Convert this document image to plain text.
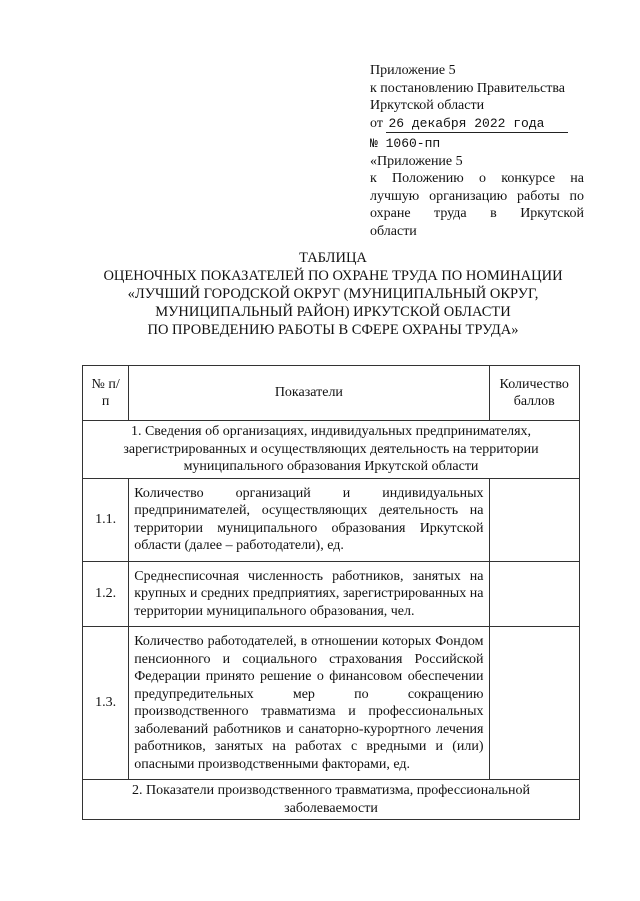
Приложение 5
к постановлению Правительства
Иркутской области
от 26 декабря 2022 года
№ 1060-пп
«Приложение 5
к Положению о конкурсе на
лучшую организацию работы по
охране труда в Иркутской
области
ТАБЛИЦА
ОЦЕНОЧНЫХ ПОКАЗАТЕЛЕЙ ПО ОХРАНЕ ТРУДА ПО НОМИНАЦИИ
«ЛУЧШИЙ ГОРОДСКОЙ ОКРУГ (МУНИЦИПАЛЬНЫЙ ОКРУГ,
МУНИЦИПАЛЬНЫЙ РАЙОН) ИРКУТСКОЙ ОБЛАСТИ
ПО ПРОВЕДЕНИЮ РАБОТЫ В СФЕРЕ ОХРАНЫ ТРУДА»
№ п/п	Показатели	Количество баллов
1. Сведения об организациях, индивидуальных предпринимателях, зарегистрированных и осуществляющих деятельность на территории муниципального образования Иркутской области		
1.1.	Количество организаций и индивидуальных предпринимателей, осуществляющих деятельность на территории муниципального образования Иркутской области (далее – работодатели), ед.	
1.2.	Среднесписочная численность работников, занятых на крупных и средних предприятиях, зарегистрированных на территории муниципального образования, чел.	
1.3.	Количество работодателей, в отношении которых Фондом пенсионного и социального страхования Российской Федерации принято решение о финансовом обеспечении предупредительных мер по сокращению производственного травматизма и профессиональных заболеваний работников и санаторно-курортного лечения работников, занятых на работах с вредными и (или) опасными производственными факторами, ед.	
2. Показатели производственного травматизма, профессиональной заболеваемости		
